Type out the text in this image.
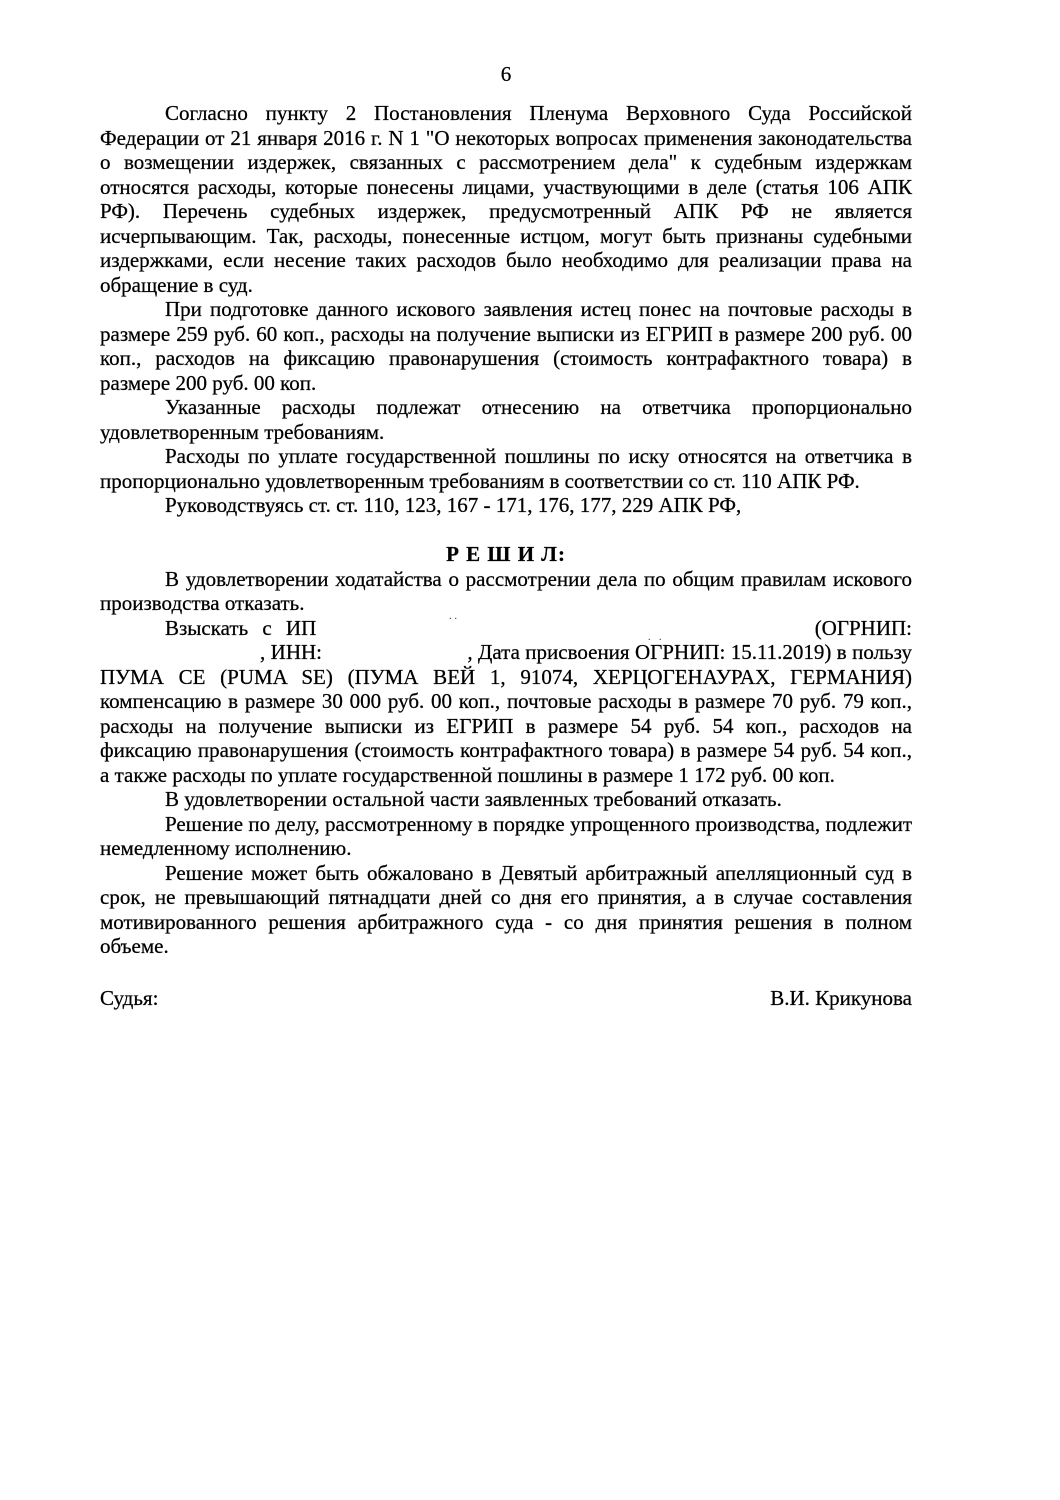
6

Согласно пункту 2 Постановления Пленума Верховного Суда Российской Федерации от 21 января 2016 г. N 1 "О некоторых вопросах применения законодательства о возмещении издержек, связанных с рассмотрением дела" к судебным издержкам относятся расходы, которые понесены лицами, участвующими в деле (статья 106 АПК РФ). Перечень судебных издержек, предусмотренный АПК РФ не является исчерпывающим. Так, расходы, понесенные истцом, могут быть признаны судебными издержками, если несение таких расходов было необходимо для реализации права на обращение в суд.

При подготовке данного искового заявления истец понес на почтовые расходы в размере 259 руб. 60 коп., расходы на получение выписки из ЕГРИП в размере 200 руб. 00 коп., расходов на фиксацию правонарушения (стоимость контрафактного товара) в размере 200 руб. 00 коп.

Указанные расходы подлежат отнесению на ответчика пропорционально удовлетворенным требованиям.

Расходы по уплате государственной пошлины по иску относятся на ответчика в пропорционально удовлетворенным требованиям в соответствии со ст. 110 АПК РФ.

Руководствуясь ст. ст. 110, 123, 167 - 171, 176, 177, 229 АПК РФ,

Р Е Ш И Л:

В удовлетворении ходатайства о рассмотрении дела по общим правилам искового производства отказать.

Взыскать с ИП	(ОГРНИП: , ИНН:	, Дата присвоения ОГРНИП: 15.11.2019) в пользу ПУМА СЕ (PUMA SE) (ПУМА ВЕЙ 1, 91074, ХЕРЦОГЕНАУРАХ, ГЕРМАНИЯ) компенсацию в размере 30 000 руб. 00 коп., почтовые расходы в размере 70 руб. 79 коп., расходы на получение выписки из ЕГРИП в размере 54 руб. 54 коп., расходов на фиксацию правонарушения (стоимость контрафактного товара) в размере 54 руб. 54 коп., а также расходы по уплате государственной пошлины в размере 1 172 руб. 00 коп.

В удовлетворении остальной части заявленных требований отказать.

Решение по делу, рассмотренному в порядке упрощенного производства, подлежит немедленному исполнению.

Решение может быть обжаловано в Девятый арбитражный апелляционный суд в срок, не превышающий пятнадцати дней со дня его принятия, а в случае составления мотивированного решения арбитражного суда - со дня принятия решения в полном объеме.

Судья:	В.И. Крикунова
..
. .
